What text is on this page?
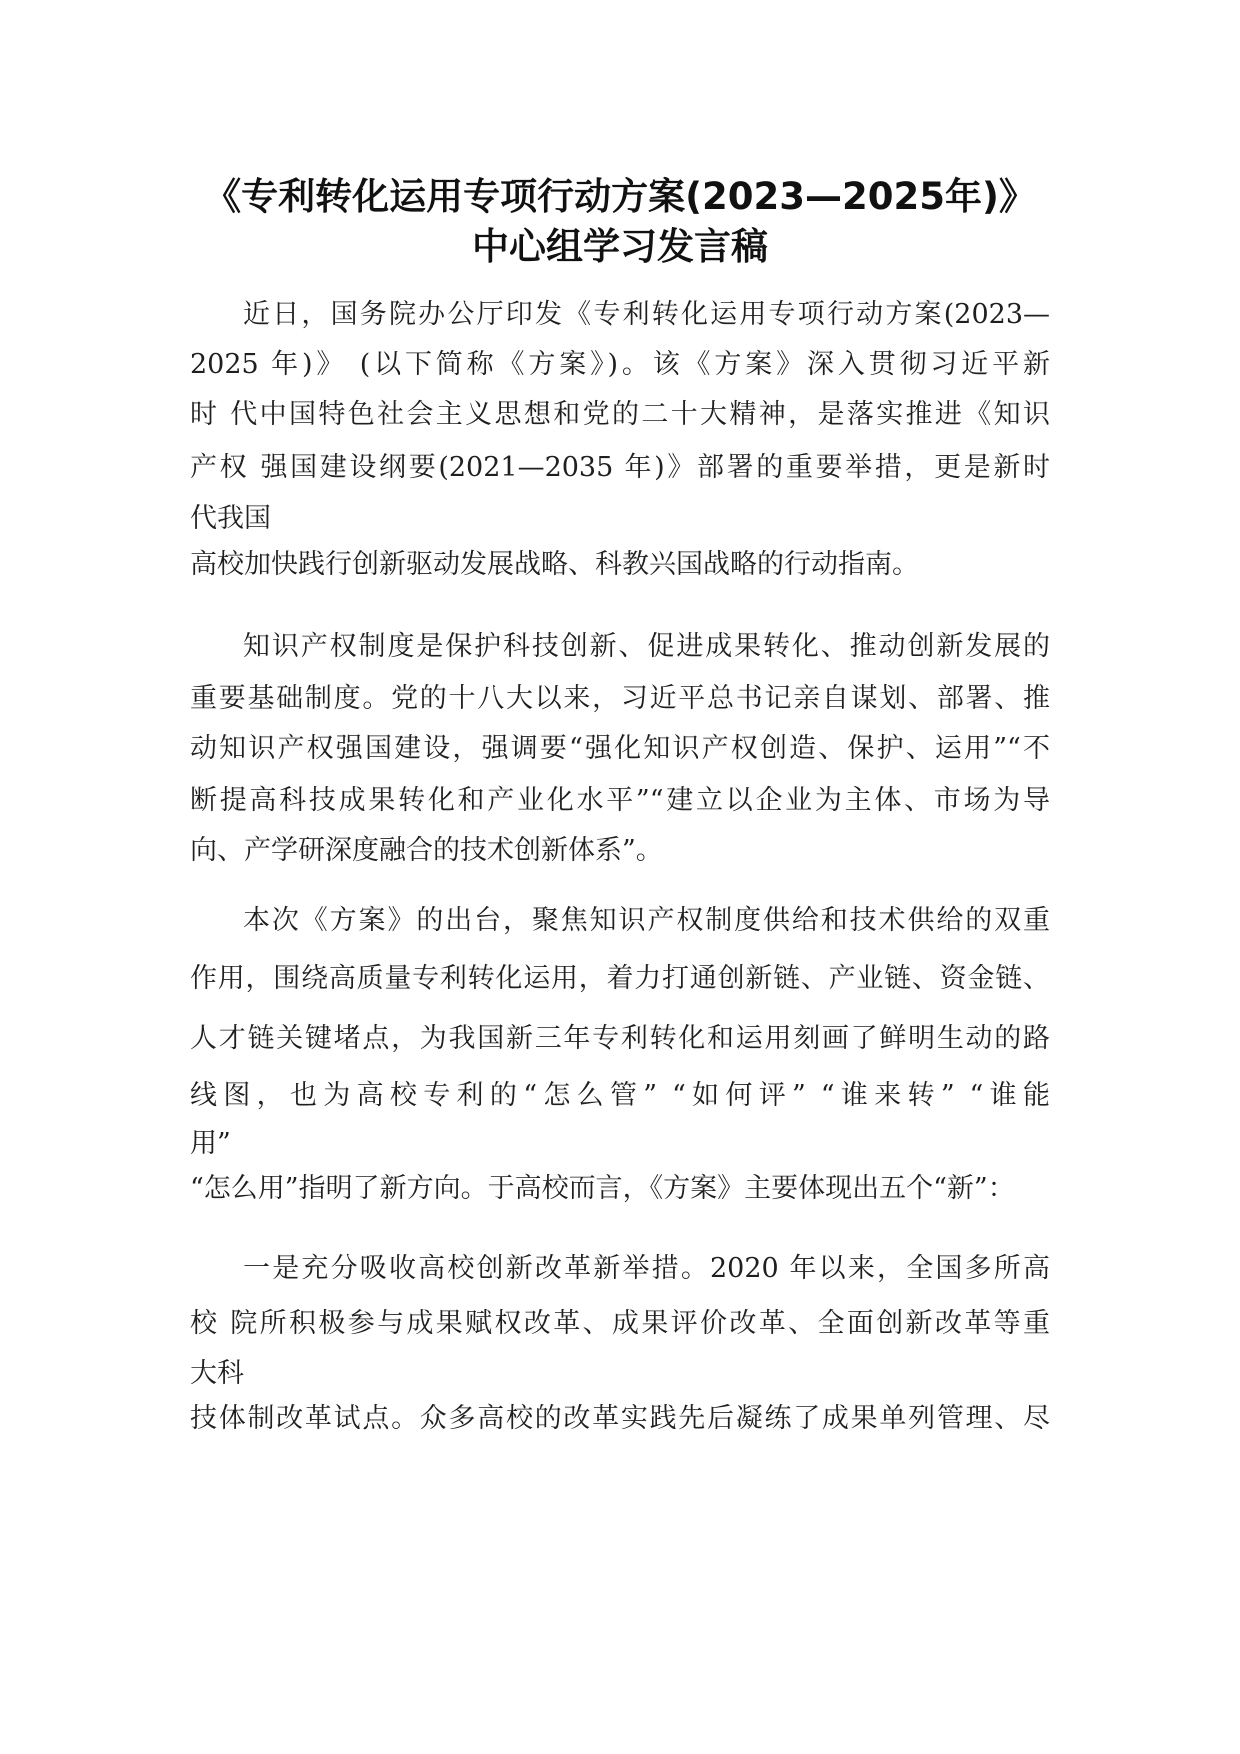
《专利转化运用专项行动方案(2023—2025年)》
中心组学习发言稿
近日，国务院办公厅印发《专利转化运用专项行动方案(2023—
2025 年)》 (以下简称《方案》)。该《方案》深入贯彻习近平新
时 代中国特色社会主义思想和党的二十大精神，是落实推进《知识
产权 强国建设纲要(2021—2035 年)》部署的重要举措，更是新时
代我国
高校加快践行创新驱动发展战略、科教兴国战略的行动指南。
知识产权制度是保护科技创新、促进成果转化、推动创新发展的
重要基础制度。党的十八大以来，习近平总书记亲自谋划、部署、推
动知识产权强国建设，强调要“强化知识产权创造、保护、运用”“不
断提高科技成果转化和产业化水平”“建立以企业为主体、市场为导
向、产学研深度融合的技术创新体系”。
本次《方案》的出台，聚焦知识产权制度供给和技术供给的双重
作用，围绕高质量专利转化运用，着力打通创新链、产业链、资金链、
人才链关键堵点，为我国新三年专利转化和运用刻画了鲜明生动的路
线图，也为高校专利的“怎么管” “如何评” “谁来转” “谁能
用”
“怎么用”指明了新方向。于高校而言，《方案》主要体现出五个“新”：
一是充分吸收高校创新改革新举措。2020 年以来，全国多所高
校 院所积极参与成果赋权改革、成果评价改革、全面创新改革等重
大科
技体制改革试点。众多高校的改革实践先后凝练了成果单列管理、尽
